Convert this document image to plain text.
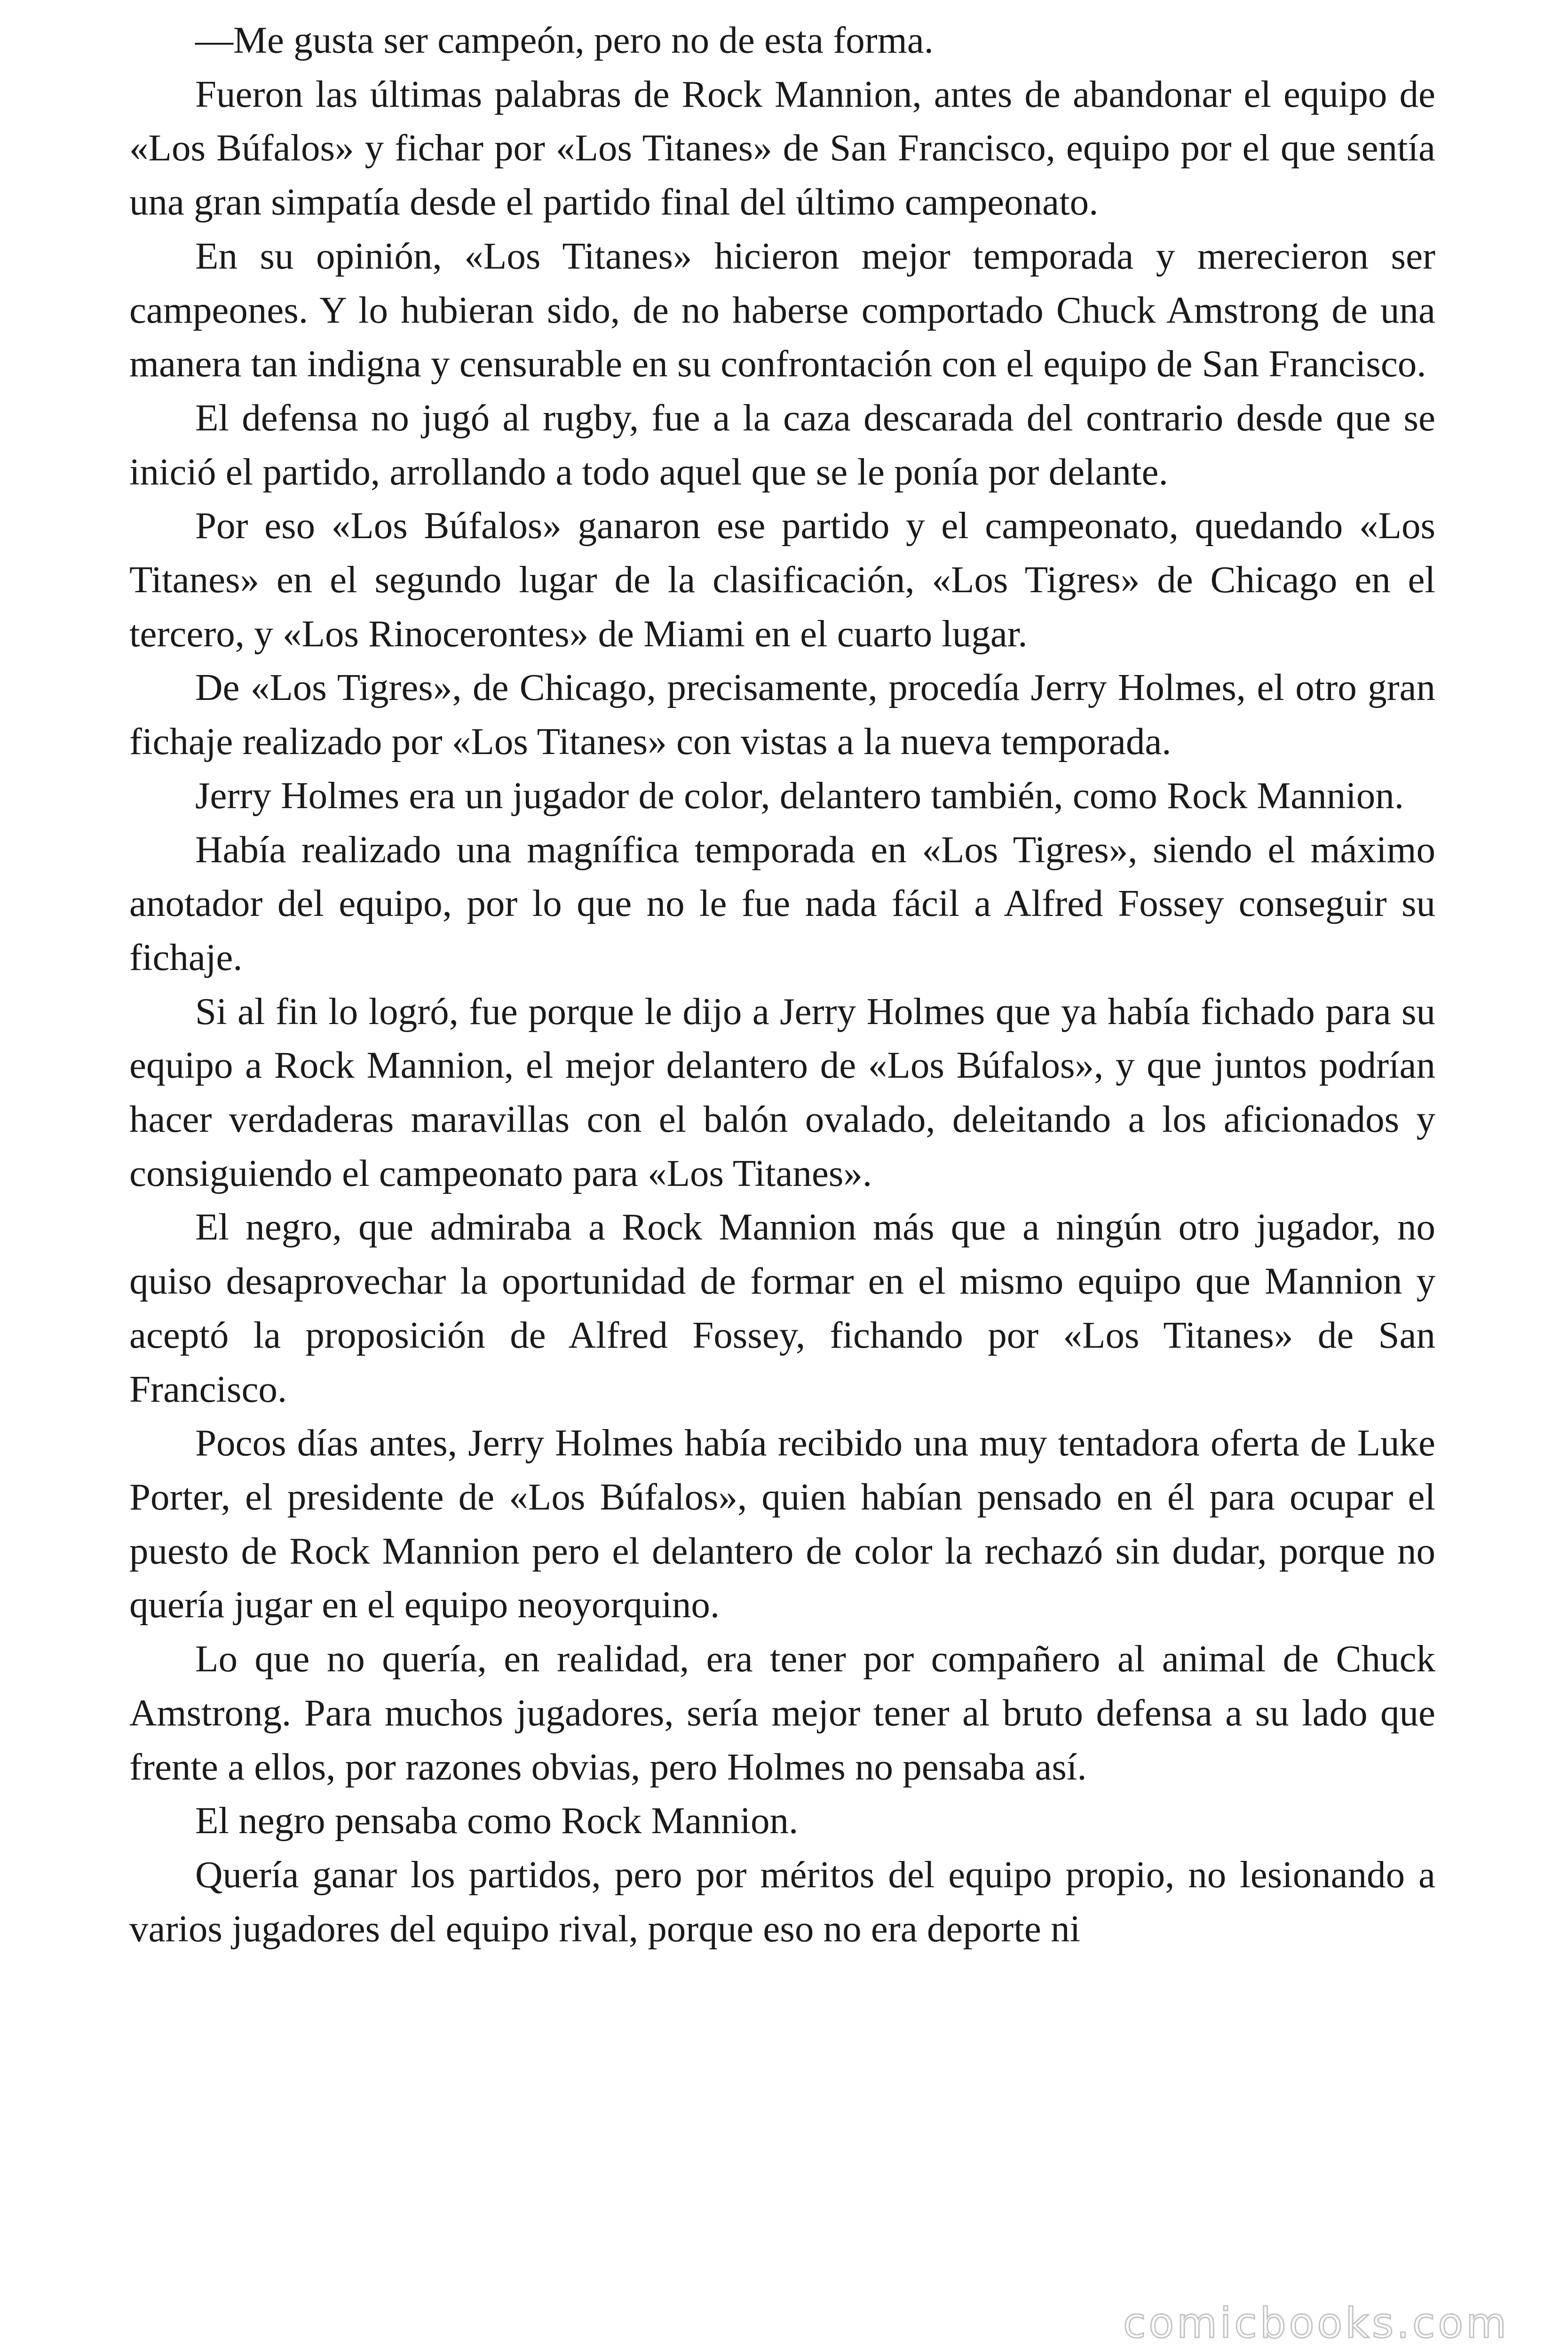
—Me gusta ser campeón, pero no de esta forma.

Fueron las últimas palabras de Rock Mannion, antes de abandonar el equipo de «Los Búfalos» y fichar por «Los Titanes» de San Francisco, equipo por el que sentía una gran simpatía desde el partido final del último campeonato.

En su opinión, «Los Titanes» hicieron mejor temporada y merecieron ser campeones. Y lo hubieran sido, de no haberse comportado Chuck Amstrong de una manera tan indigna y censurable en su confrontación con el equipo de San Francisco.

El defensa no jugó al rugby, fue a la caza descarada del contrario desde que se inició el partido, arrollando a todo aquel que se le ponía por delante.

Por eso «Los Búfalos» ganaron ese partido y el campeonato, quedando «Los Titanes» en el segundo lugar de la clasificación, «Los Tigres» de Chicago en el tercero, y «Los Rinocerontes» de Miami en el cuarto lugar.

De «Los Tigres», de Chicago, precisamente, procedía Jerry Holmes, el otro gran fichaje realizado por «Los Titanes» con vistas a la nueva temporada.

Jerry Holmes era un jugador de color, delantero también, como Rock Mannion.

Había realizado una magnífica temporada en «Los Tigres», siendo el máximo anotador del equipo, por lo que no le fue nada fácil a Alfred Fossey conseguir su fichaje.

Si al fin lo logró, fue porque le dijo a Jerry Holmes que ya había fichado para su equipo a Rock Mannion, el mejor delantero de «Los Búfalos», y que juntos podrían hacer verdaderas maravillas con el balón ovalado, deleitando a los aficionados y consiguiendo el campeonato para «Los Titanes».

El negro, que admiraba a Rock Mannion más que a ningún otro jugador, no quiso desaprovechar la oportunidad de formar en el mismo equipo que Mannion y aceptó la proposición de Alfred Fossey, fichando por «Los Titanes» de San Francisco.

Pocos días antes, Jerry Holmes había recibido una muy tentadora oferta de Luke Porter, el presidente de «Los Búfalos», quien habían pensado en él para ocupar el puesto de Rock Mannion pero el delantero de color la rechazó sin dudar, porque no quería jugar en el equipo neoyorquino.

Lo que no quería, en realidad, era tener por compañero al animal de Chuck Amstrong. Para muchos jugadores, sería mejor tener al bruto defensa a su lado que frente a ellos, por razones obvias, pero Holmes no pensaba así.

El negro pensaba como Rock Mannion.

Quería ganar los partidos, pero por méritos del equipo propio, no lesionando a varios jugadores del equipo rival, porque eso no era deporte ni

comicbooks.com
